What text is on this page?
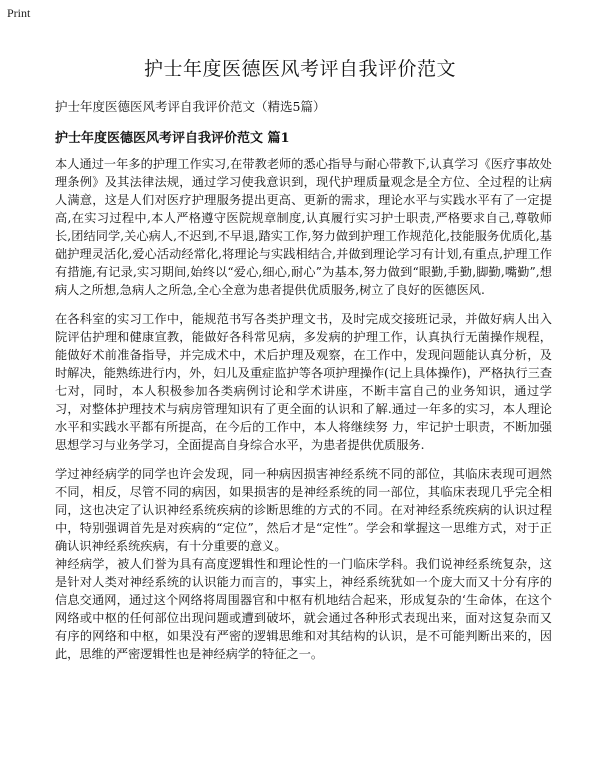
Print
护士年度医德医风考评自我评价范文

护士年度医德医风考评自我评价范文（精选5篇）

护士年度医德医风考评自我评价范文 篇1

本人通过一年多的护理工作实习,在带教老师的悉心指导与耐心带教下,认真学习《医疗事故处理条例》及其法律法规，通过学习使我意识到，现代护理质量观念是全方位、全过程的让病人满意，这是人们对医疗护理服务提出更高、更新的需求，理论水平与实践水平有了一定提高,在实习过程中,本人严格遵守医院规章制度,认真履行实习护士职责,严格要求自己,尊敬师长,团结同学,关心病人,不迟到,不早退,踏实工作,努力做到护理工作规范化,技能服务优质化,基础护理灵活化,爱心活动经常化,将理论与实践相结合,并做到理论学习有计划,有重点,护理工作有措施,有记录,实习期间,始终以“爱心,细心,耐心”为基本,努力做到“眼勤,手勤,脚勤,嘴勤”,想病人之所想,急病人之所急,全心全意为患者提供优质服务,树立了良好的医德医风.

在各科室的实习工作中，能规范书写各类护理文书，及时完成交接班记录，并做好病人出入院评估护理和健康宣教，能做好各科常见病，多发病的护理工作，认真执行无菌操作规程，能做好术前准备指导，并完成术中，术后护理及观察，在工作中，发现问题能认真分析，及时解决，能熟练进行内，外，妇儿及重症监护等各项护理操作(记上具体操作)，严格执行三查七对，同时，本人积极参加各类病例讨论和学术讲座，不断丰富自己的业务知识，通过学习，对整体护理技术与病房管理知识有了更全面的认识和了解.通过一年多的实习，本人理论水平和实践水平都有所提高，在今后的工作中，本人将继续努 力，牢记护士职责，不断加强思想学习与业务学习，全面提高自身综合水平，为患者提供优质服务.

学过神经病学的同学也许会发现，同一种病因损害神经系统不同的部位，其临床表现可迥然不同，相反，尽管不同的病因，如果损害的是神经系统的同一部位，其临床表现几乎完全相同，这也决定了认识神经系统疾病的诊断思维的方式的不同。在对神经系统疾病的认识过程中，特别强调首先是对疾病的“定位”，然后才是“定性”。学会和掌握这一思维方式，对于正确认识神经系统疾病，有十分重要的意义。

神经病学，被人们誉为具有高度逻辑性和理论性的一门临床学科。我们说神经系统复杂，这是针对人类对神经系统的认识能力而言的，事实上，神经系统犹如一个庞大而又十分有序的信息交通网，通过这个网络将周围器官和中枢有机地结合起来，形成复杂的‘生命体，在这个网络或中枢的任何部位出现问题或遭到破坏，就会通过各种形式表现出来，面对这复杂而又有序的网络和中枢，如果没有严密的逻辑思维和对其结构的认识，是不可能判断出来的，因此，思维的严密逻辑性也是神经病学的特征之一。
